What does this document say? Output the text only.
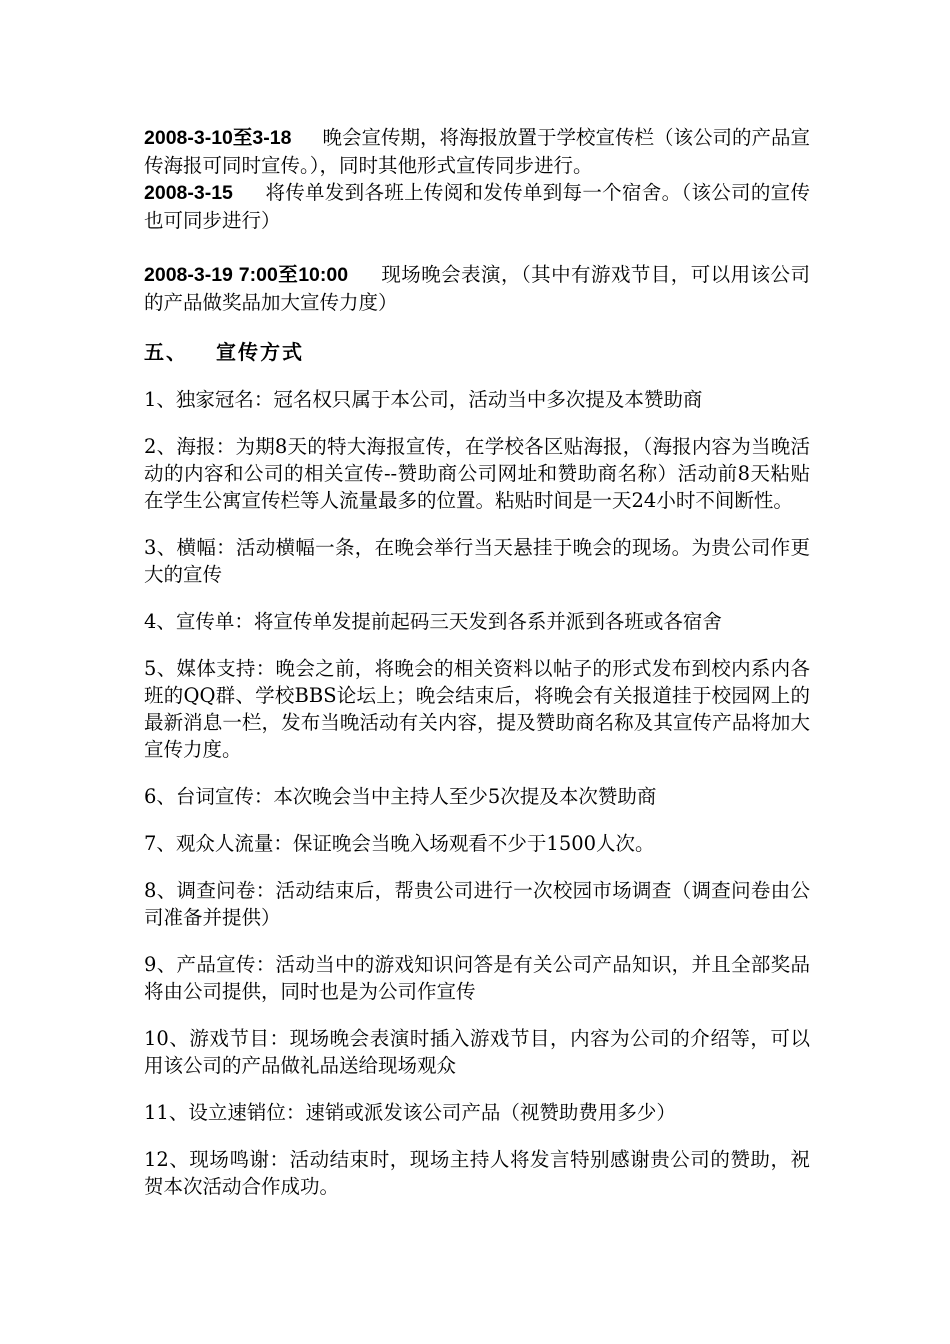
2008-3-10至3-18 晚会宣传期，将海报放置于学校宣传栏（该公司的产品宣传海报可同时宣传。），同时其他形式宣传同步进行。

2008-3-15 将传单发到各班上传阅和发传单到每一个宿舍。（该公司的宣传也可同步进行）

2008-3-19 7:00至10:00 现场晚会表演，（其中有游戏节目，可以用该公司的产品做奖品加大宣传力度）

五、 宣传方式

1、独家冠名：冠名权只属于本公司，活动当中多次提及本赞助商

2、海报：为期8天的特大海报宣传，在学校各区贴海报，（海报内容为当晚活动的内容和公司的相关宣传--赞助商公司网址和赞助商名称）活动前8天粘贴在学生公寓宣传栏等人流量最多的位置。粘贴时间是一天24小时不间断性。

3、横幅：活动横幅一条，在晚会举行当天悬挂于晚会的现场。为贵公司作更大的宣传

4、宣传单：将宣传单发提前起码三天发到各系并派到各班或各宿舍

5、媒体支持：晚会之前，将晚会的相关资料以帖子的形式发布到校内系内各班的QQ群、学校BBS论坛上；晚会结束后，将晚会有关报道挂于校园网上的最新消息一栏，发布当晚活动有关内容，提及赞助商名称及其宣传产品将加大宣传力度。

6、台词宣传：本次晚会当中主持人至少5次提及本次赞助商

7、观众人流量：保证晚会当晚入场观看不少于1500人次。

8、调查问卷：活动结束后，帮贵公司进行一次校园市场调查（调查问卷由公司准备并提供）

9、产品宣传：活动当中的游戏知识问答是有关公司产品知识，并且全部奖品将由公司提供，同时也是为公司作宣传

10、游戏节目：现场晚会表演时插入游戏节目，内容为公司的介绍等，可以用该公司的产品做礼品送给现场观众

11、设立速销位：速销或派发该公司产品（视赞助费用多少）

12、现场鸣谢：活动结束时，现场主持人将发言特别感谢贵公司的赞助，祝贺本次活动合作成功。
